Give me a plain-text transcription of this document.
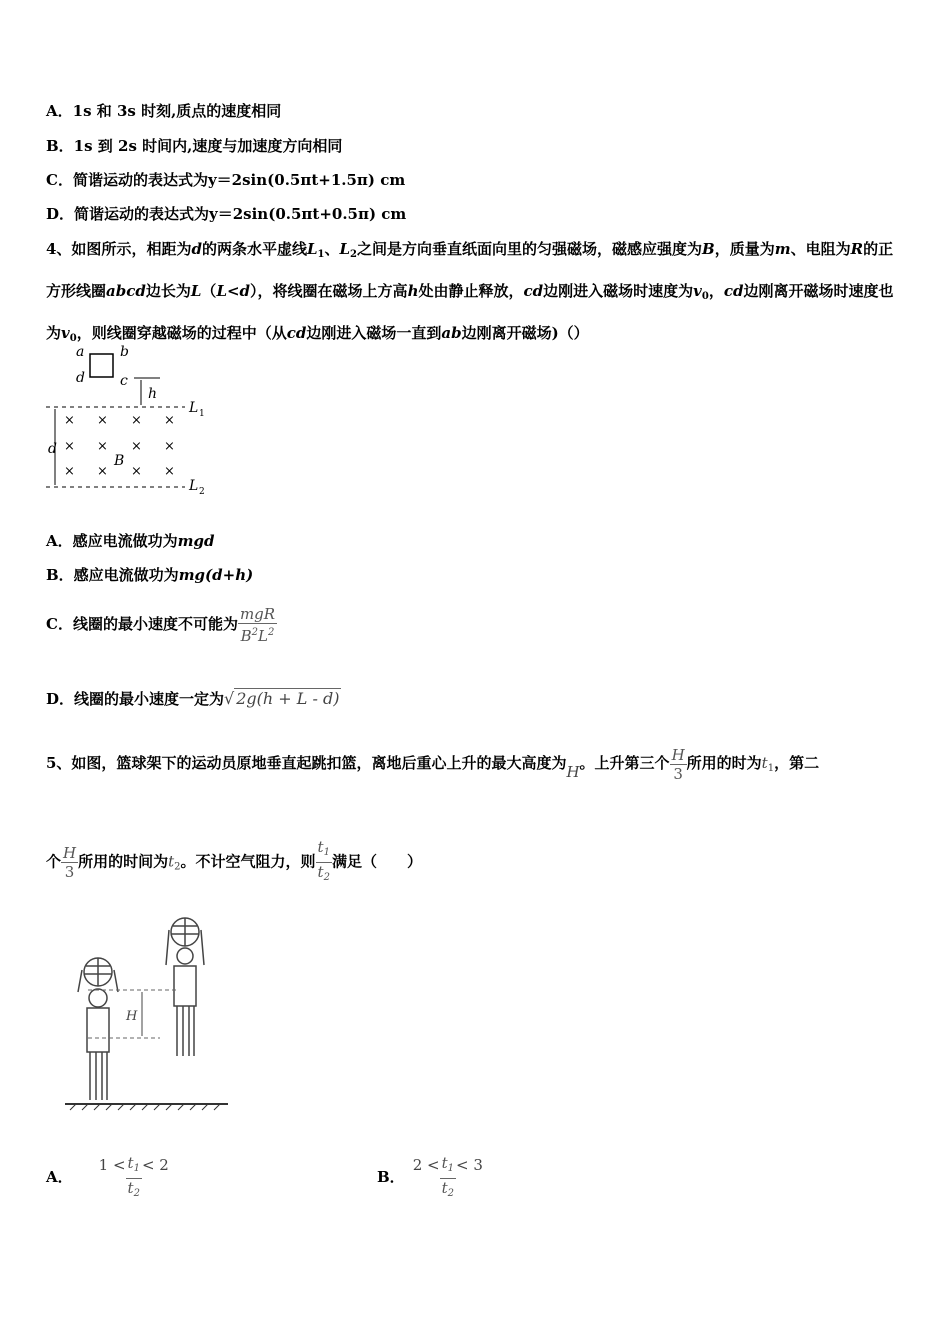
A．1s 和 3s 时刻,质点的速度相同
B．1s 到 2s 时间内,速度与加速度方向相同
C．简谐运动的表达式为y＝2sin(0.5πt+1.5π) cm
D．简谐运动的表达式为y＝2sin(0.5πt+0.5π) cm
4、如图所示，相距为d的两条水平虚线$L_1$、$L_2$之间是方向垂直纸面向里的匀强磁场，磁感应强度为B，质量为m、电阻为R的正方形线圈abcd边长为L（L<d），将线圈在磁场上方高h处由静止释放，cd边刚进入磁场时速度为$v_0$，cd边刚离开磁场时速度也为$v_0$，则线圈穿越磁场的过程中（从cd边刚进入磁场一直到ab边刚离开磁场)（）
a	b
d	c
h
L 1
L 2
d
B
× × × ×
× × × ×
× × × ×
A．感应电流做功为mgd
B．感应电流做功为mg(d+h)
C．线圈的最小速度不可能为 $\frac{\text{mgR}}{B^2L^2}$
D．线圈的最小速度一定为√ 2g(h + L - d)
5、如图，篮球架下的运动员原地垂直起跳扣篮，离地后重心上升的最大高度为H。上升第三个 $\frac{H}{3}$ 所用的时为$t_1$，第二
个 $\frac{H}{3}$ 所用的时间为$t_2$。不计空气阻力，则 $\frac{t_1}{t_2}$ 满足（　　）
H
A．$1 < \frac{t_1}{t_2} < 2$
B．$2 < \frac{t_1}{t_2} < 3$
